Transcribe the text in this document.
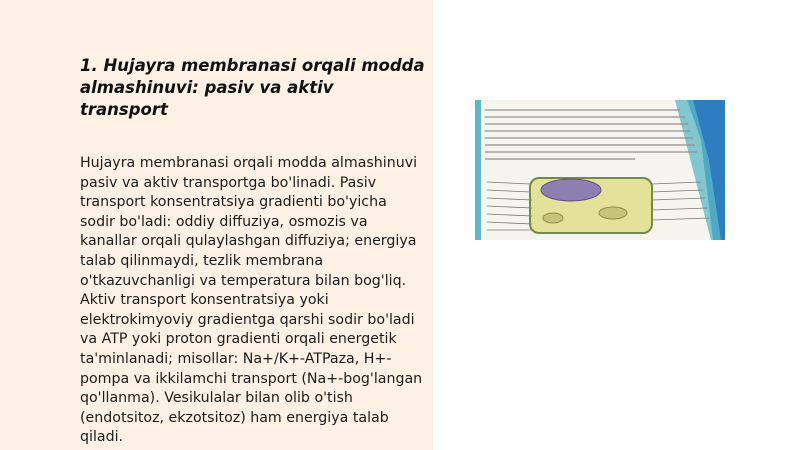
1. Hujayra membranasi orqali modda almashinuvi: pasiv va aktiv transport

Hujayra membranasi orqali modda almashinuvi pasiv va aktiv transportga bo'linadi. Pasiv transport konsentratsiya gradienti bo'yicha sodir bo'ladi: oddiy diffuziya, osmozis va kanallar orqali qulaylashgan diffuziya; energiya talab qilinmaydi, tezlik membrana o'tkazuvchanligi va temperatura bilan bog'liq. Aktiv transport konsentratsiya yoki elektrokimyoviy gradientga qarshi sodir bo'ladi va ATP yoki proton gradienti orqali energetik ta'minlanadi; misollar: Na+/K+-ATPaza, H+-pompa va ikkilamchi transport (Na+-bog'langan qo'llanma). Vesikulalar bilan olib o'tish (endotsitoz, ekzotsitoz) ham energiya talab qiladi.
